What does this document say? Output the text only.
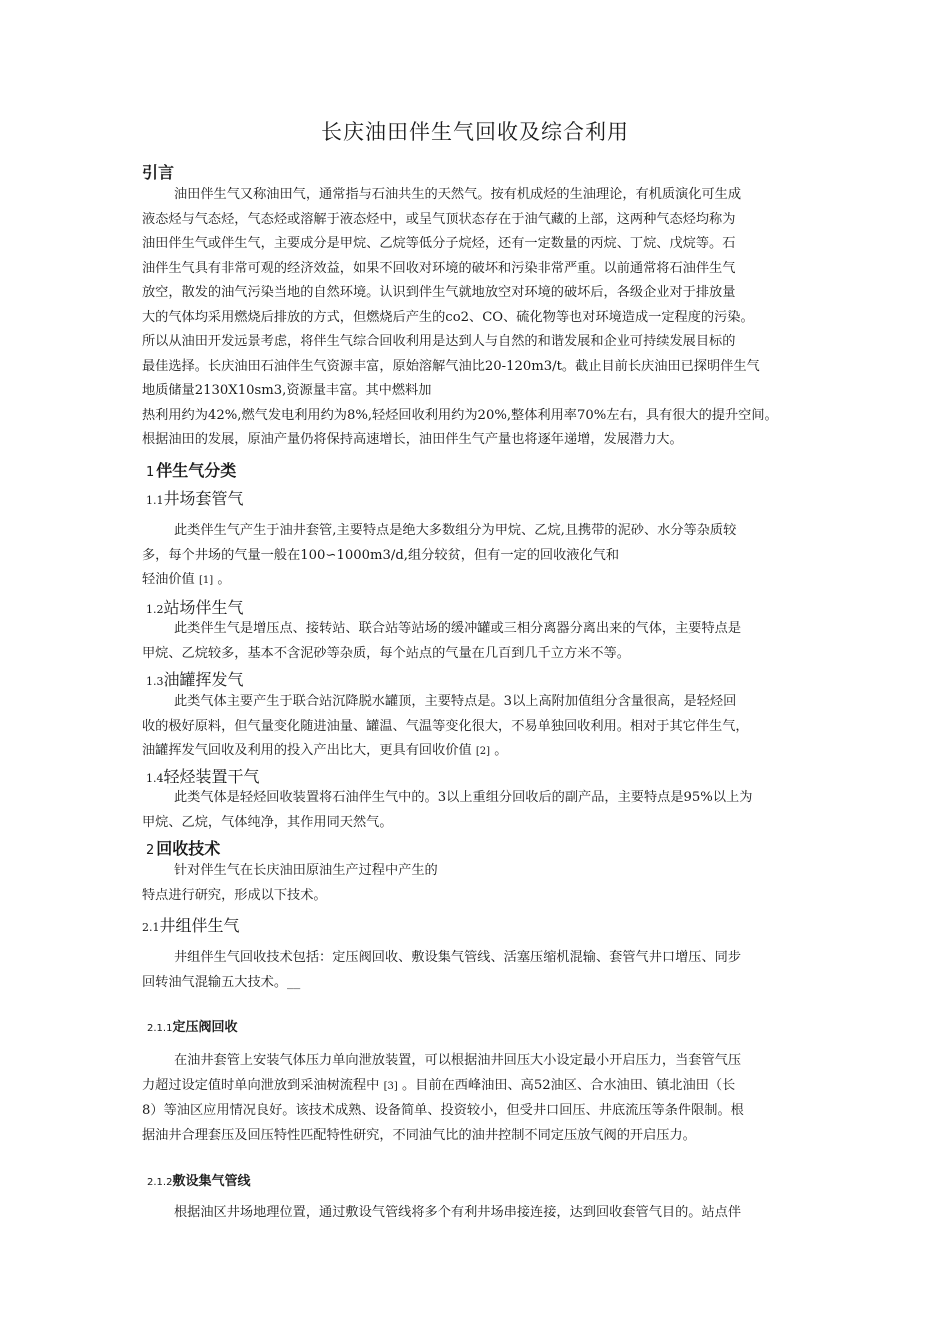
长庆油田伴生气回收及综合利用
引言
油田伴生气又称油田气，通常指与石油共生的天然气。按有机成烃的生油理论，有机质演化可生成
液态烃与气态烃，气态烃或溶解于液态烃中，或呈气顶状态存在于油气藏的上部，这两种气态烃均称为
油田伴生气或伴生气，主要成分是甲烷、乙烷等低分子烷烃，还有一定数量的丙烷、丁烷、戊烷等。石
油伴生气具有非常可观的经济效益，如果不回收对环境的破坏和污染非常严重。以前通常将石油伴生气
放空，散发的油气污染当地的自然环境。认识到伴生气就地放空对环境的破坏后，各级企业对于排放量
大的气体均采用燃烧后排放的方式，但燃烧后产生的co2、CO、硫化物等也对环境造成一定程度的污染。
所以从油田开发远景考虑，将伴生气综合回收利用是达到人与自然的和谐发展和企业可持续发展目标的
最佳选择。长庆油田石油伴生气资源丰富，原始溶解气油比20-120m3/t。截止目前长庆油田已探明伴生气
地质储量2130X10sm3,资源量丰富。其中燃料加
热利用约为42%,燃气发电利用约为8%,轻烃回收利用约为20%,整体利用率70%左右，具有很大的提升空间。
根据油田的发展，原油产量仍将保持高速增长，油田伴生气产量也将逐年递增，发展潜力大。
1 伴生气分类
1.1井场套管气
此类伴生气产生于油井套管,主要特点是绝大多数组分为甲烷、乙烷,且携带的泥砂、水分等杂质较
多，每个井场的气量一般在100∽1000m3/d,组分较贫，但有一定的回收液化气和
轻油价值 [1] 。
1.2站场伴生气
此类伴生气是增压点、接转站、联合站等站场的缓冲罐或三相分离器分离出来的气体，主要特点是
甲烷、乙烷较多，基本不含泥砂等杂质，每个站点的气量在几百到几千立方米不等。
1.3油罐挥发气
此类气体主要产生于联合站沉降脱水罐顶，主要特点是。3以上高附加值组分含量很高，是轻烃回
收的极好原料，但气量变化随进油量、罐温、气温等变化很大，不易单独回收利用。相对于其它伴生气，
油罐挥发气回收及利用的投入产出比大，更具有回收价值 [2] 。
1.4轻烃装置干气
此类气体是轻烃回收装置将石油伴生气中的。3以上重组分回收后的副产品，主要特点是95%以上为
甲烷、乙烷，气体纯净，其作用同天然气。
2 回收技术
针对伴生气在长庆油田原油生产过程中产生的
特点进行研究，形成以下技术。
2.1井组伴生气
井组伴生气回收技术包括：定压阀回收、敷设集气管线、活塞压缩机混输、套管气井口增压、同步
回转油气混输五大技术。__
2.1.1定压阀回收
在油井套管上安装气体压力单向泄放装置，可以根据油井回压大小设定最小开启压力，当套管气压
力超过设定值时单向泄放到采油树流程中 [3] 。目前在西峰油田、高52油区、合水油田、镇北油田（长
8）等油区应用情况良好。该技术成熟、设备简单、投资较小，但受井口回压、井底流压等条件限制。根
据油井合理套压及回压特性匹配特性研究，不同油气比的油井控制不同定压放气阀的开启压力。
2.1.2敷设集气管线
根据油区井场地理位置，通过敷设气管线将多个有利井场串接连接，达到回收套管气目的。站点伴
